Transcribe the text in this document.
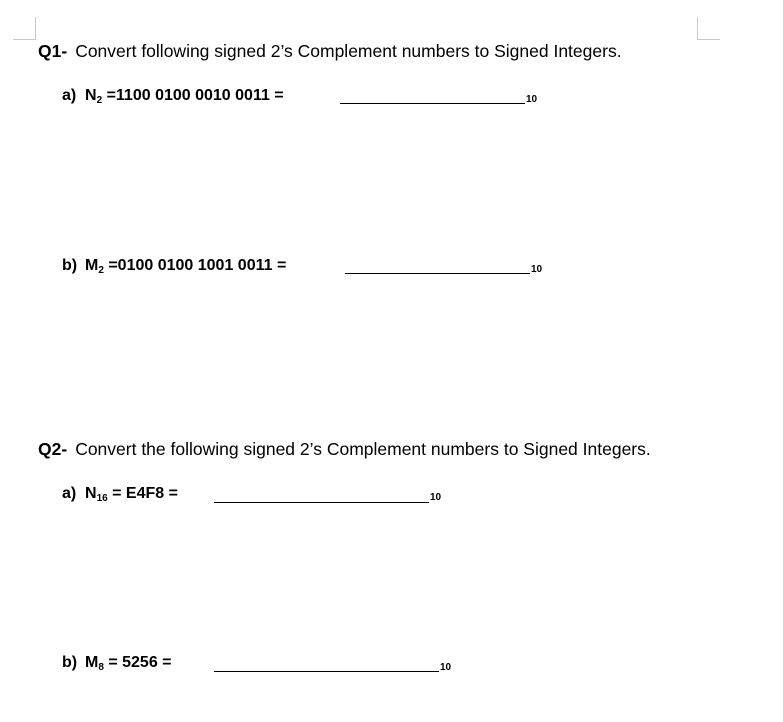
Q1- Convert following signed 2’s Complement numbers to Signed Integers.
a) $N_2 =1100$ 0100 0010 0011 =	10
b) $M_2 =0100$ 0100 1001 0011 =	10
Q2- Convert the following signed 2’s Complement numbers to Signed Integers.
a) $N_{16} = E4F8$ =	10
b) $M_8 = 5256$ =	10
